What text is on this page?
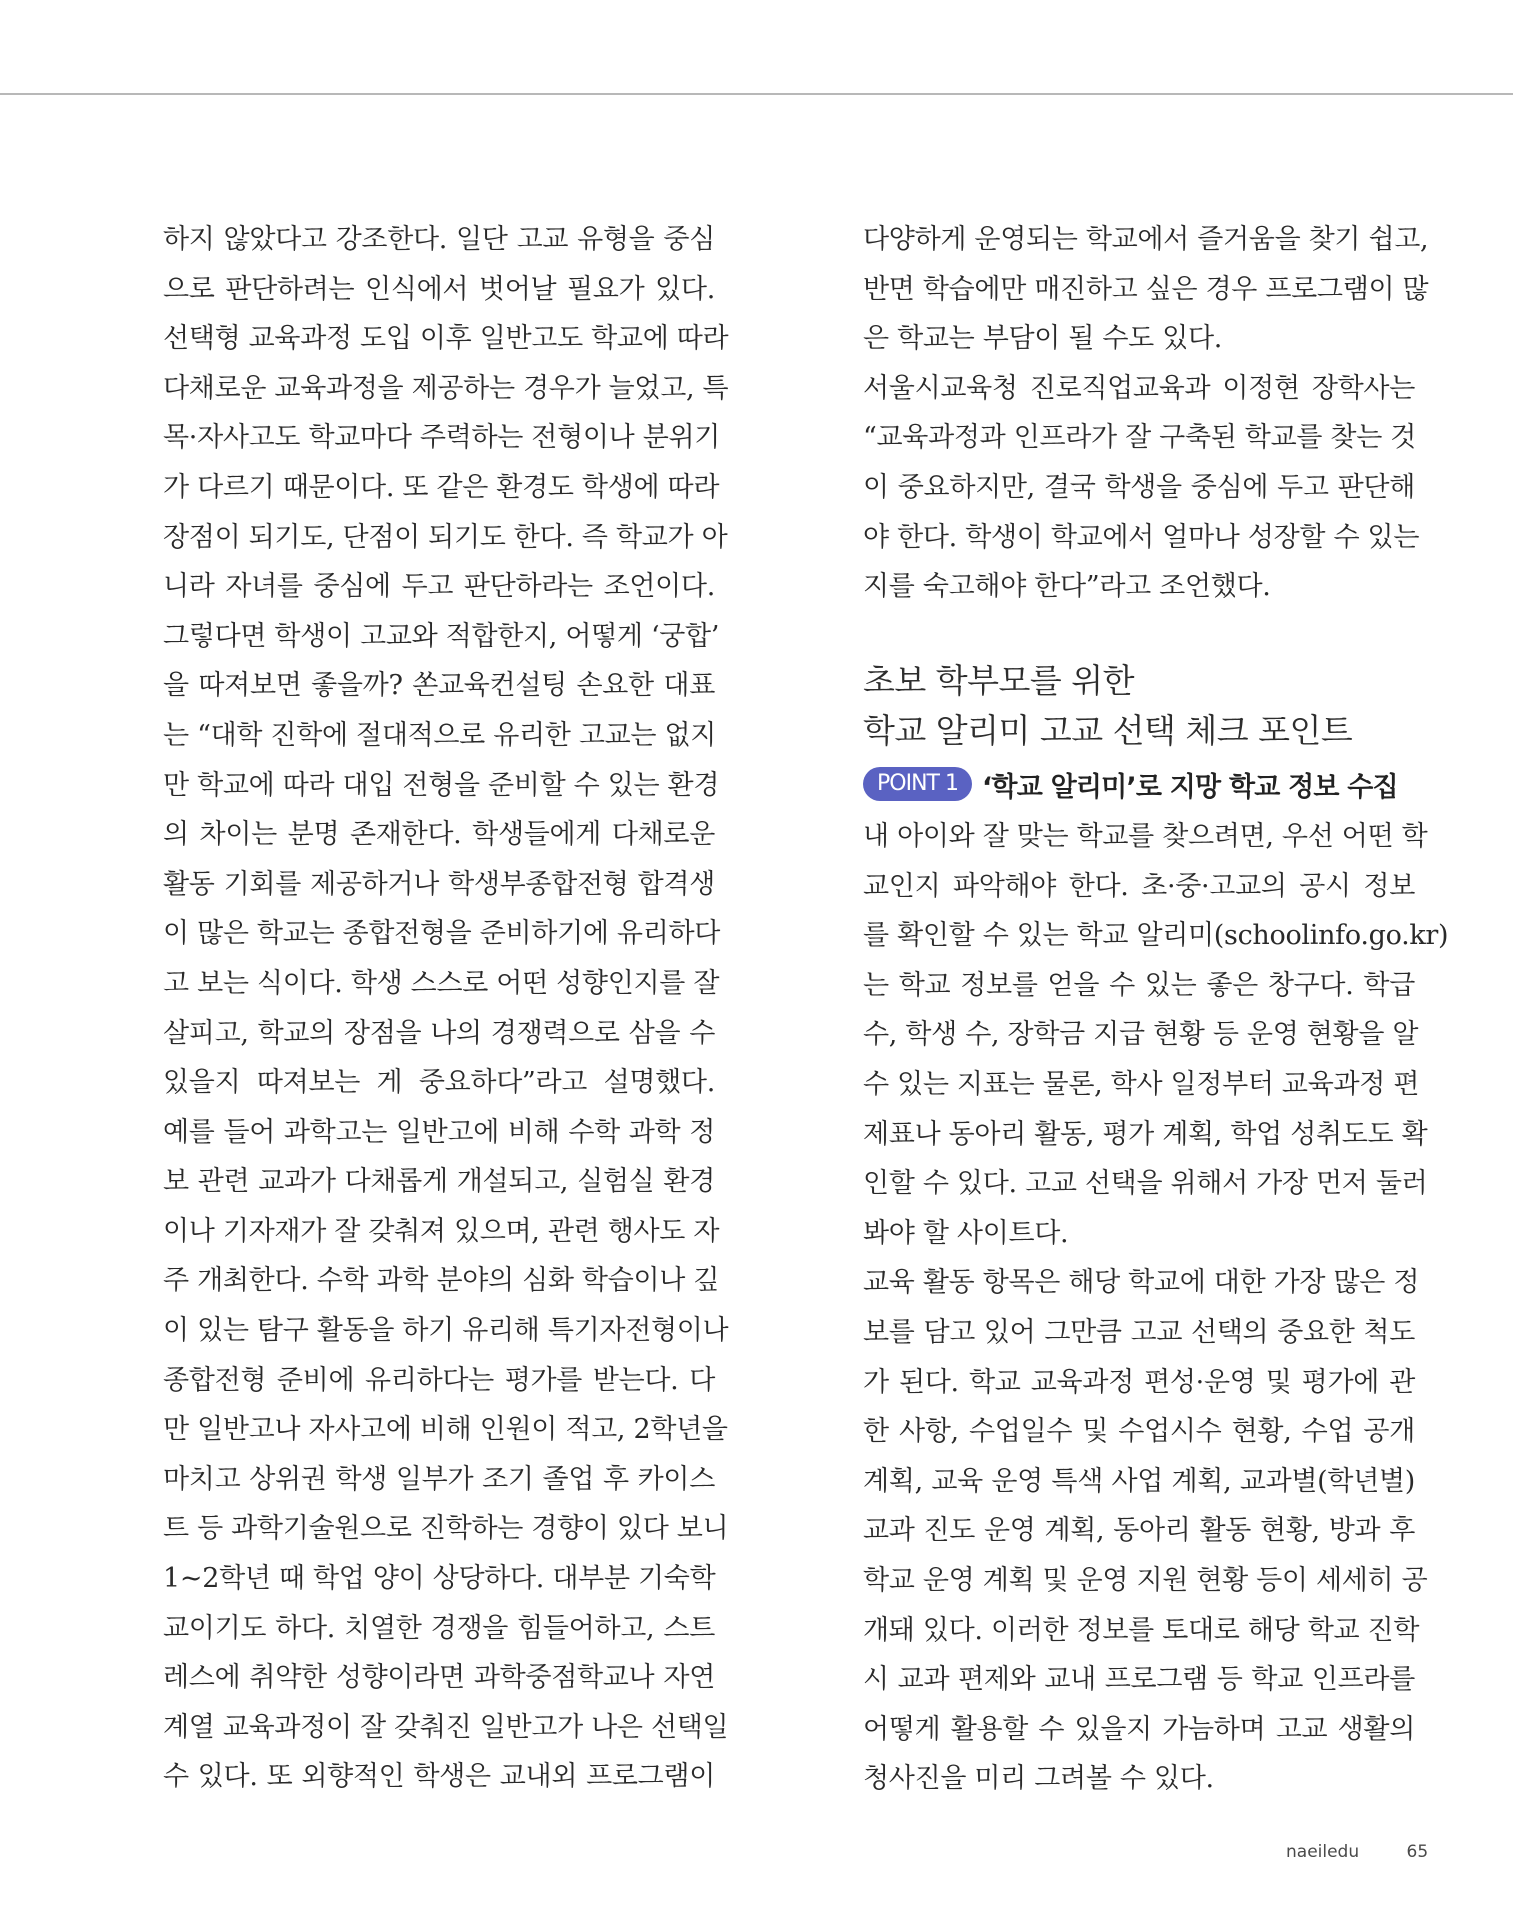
하지 않았다고 강조한다. 일단 고교 유형을 중심
으로 판단하려는 인식에서 벗어날 필요가 있다.
선택형 교육과정 도입 이후 일반고도 학교에 따라
다채로운 교육과정을 제공하는 경우가 늘었고, 특
목·자사고도 학교마다 주력하는 전형이나 분위기
가 다르기 때문이다. 또 같은 환경도 학생에 따라
장점이 되기도, 단점이 되기도 한다. 즉 학교가 아
니라 자녀를 중심에 두고 판단하라는 조언이다.
그렇다면 학생이 고교와 적합한지, 어떻게 ‘궁합’
을 따져보면 좋을까? 쏜교육컨설팅 손요한 대표
는 “대학 진학에 절대적으로 유리한 고교는 없지
만 학교에 따라 대입 전형을 준비할 수 있는 환경
의 차이는 분명 존재한다. 학생들에게 다채로운
활동 기회를 제공하거나 학생부종합전형 합격생
이 많은 학교는 종합전형을 준비하기에 유리하다
고 보는 식이다. 학생 스스로 어떤 성향인지를 잘
살피고, 학교의 장점을 나의 경쟁력으로 삼을 수
있을지 따져보는 게 중요하다”라고 설명했다.
예를 들어 과학고는 일반고에 비해 수학 과학 정
보 관련 교과가 다채롭게 개설되고, 실험실 환경
이나 기자재가 잘 갖춰져 있으며, 관련 행사도 자
주 개최한다. 수학 과학 분야의 심화 학습이나 깊
이 있는 탐구 활동을 하기 유리해 특기자전형이나
종합전형 준비에 유리하다는 평가를 받는다. 다
만 일반고나 자사고에 비해 인원이 적고, 2학년을
마치고 상위권 학생 일부가 조기 졸업 후 카이스
트 등 과학기술원으로 진학하는 경향이 있다 보니
1~2학년 때 학업 양이 상당하다. 대부분 기숙학
교이기도 하다. 치열한 경쟁을 힘들어하고, 스트
레스에 취약한 성향이라면 과학중점학교나 자연
계열 교육과정이 잘 갖춰진 일반고가 나은 선택일
수 있다. 또 외향적인 학생은 교내외 프로그램이
다양하게 운영되는 학교에서 즐거움을 찾기 쉽고,
반면 학습에만 매진하고 싶은 경우 프로그램이 많
은 학교는 부담이 될 수도 있다.
서울시교육청 진로직업교육과 이정현 장학사는
“교육과정과 인프라가 잘 구축된 학교를 찾는 것
이 중요하지만, 결국 학생을 중심에 두고 판단해
야 한다. 학생이 학교에서 얼마나 성장할 수 있는
지를 숙고해야 한다”라고 조언했다.
초보 학부모를 위한
학교 알리미 고교 선택 체크 포인트
POINT 1 ‘학교 알리미’로 지망 학교 정보 수집
내 아이와 잘 맞는 학교를 찾으려면, 우선 어떤 학
교인지 파악해야 한다. 초·중·고교의 공시 정보
를 확인할 수 있는 학교 알리미(schoolinfo.go.kr)
는 학교 정보를 얻을 수 있는 좋은 창구다. 학급
수, 학생 수, 장학금 지급 현황 등 운영 현황을 알
수 있는 지표는 물론, 학사 일정부터 교육과정 편
제표나 동아리 활동, 평가 계획, 학업 성취도도 확
인할 수 있다. 고교 선택을 위해서 가장 먼저 둘러
봐야 할 사이트다.
교육 활동 항목은 해당 학교에 대한 가장 많은 정
보를 담고 있어 그만큼 고교 선택의 중요한 척도
가 된다. 학교 교육과정 편성·운영 및 평가에 관
한 사항, 수업일수 및 수업시수 현황, 수업 공개
계획, 교육 운영 특색 사업 계획, 교과별(학년별)
교과 진도 운영 계획, 동아리 활동 현황, 방과 후
학교 운영 계획 및 운영 지원 현황 등이 세세히 공
개돼 있다. 이러한 정보를 토대로 해당 학교 진학
시 교과 편제와 교내 프로그램 등 학교 인프라를
어떻게 활용할 수 있을지 가늠하며 고교 생활의
청사진을 미리 그려볼 수 있다.
naeiledu	65
